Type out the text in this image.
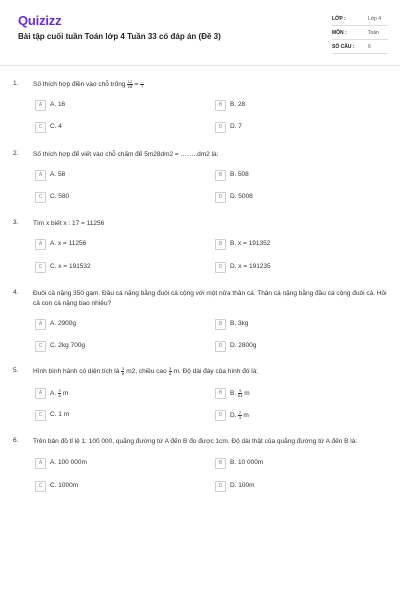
Quizizz
Bài tập cuối tuần Toán lớp 4 Tuần 33 có đáp án (Đề 3)
LỚP :	Lớp 4
MÔN :	Toán
SỐ CÂU :	6
1. Số thích hợp điền vào chỗ trống $\frac{12}{28} = \frac{...}{7}$
A	A. 16	B	B. 28
C	C. 4	D	D. 7
2. Số thích hợp để viết vào chỗ chấm để 5m28dm2 = ……..dm2 là:
A	A. 58	B	B. 508
C	C. 580	D	D. 5008
3. Tìm x biết x : 17 = 11256
A	A. x = 11256	B	B. x = 191352
C	C. x = 191532	D	D. x = 191235
4. Đuôi cá nặng 350 gam. Đầu cá nặng bằng đuôi cá cộng với một nửa thân cá. Thân cá nặng bằng đầu cá cộng đuôi cá. Hỏi cả con cá nặng bao nhiêu?
A	A. 2900g	B	B. 3kg
C	C. 2kg 700g	D	D. 2800g
5. Hình bình hành có diện tích là $\frac{3}{8} m2$, chiều cao $\frac{3}{8} m$. Độ dài đáy của hình đó là:
A	A. $\frac{3}{8}$ m	B	B. $\frac{9}{64}$ m
C	C. 1 m	D	D. $\frac{2}{3}$ m
6. Trên bản đồ tỉ lệ 1: 100 000, quãng đường từ A đến B đo được 1cm. Độ dài thật của quãng đường từ A đến B là:
A	A. 100 000m	B	B. 10 000m
C	C. 1000m	D	D. 100m
